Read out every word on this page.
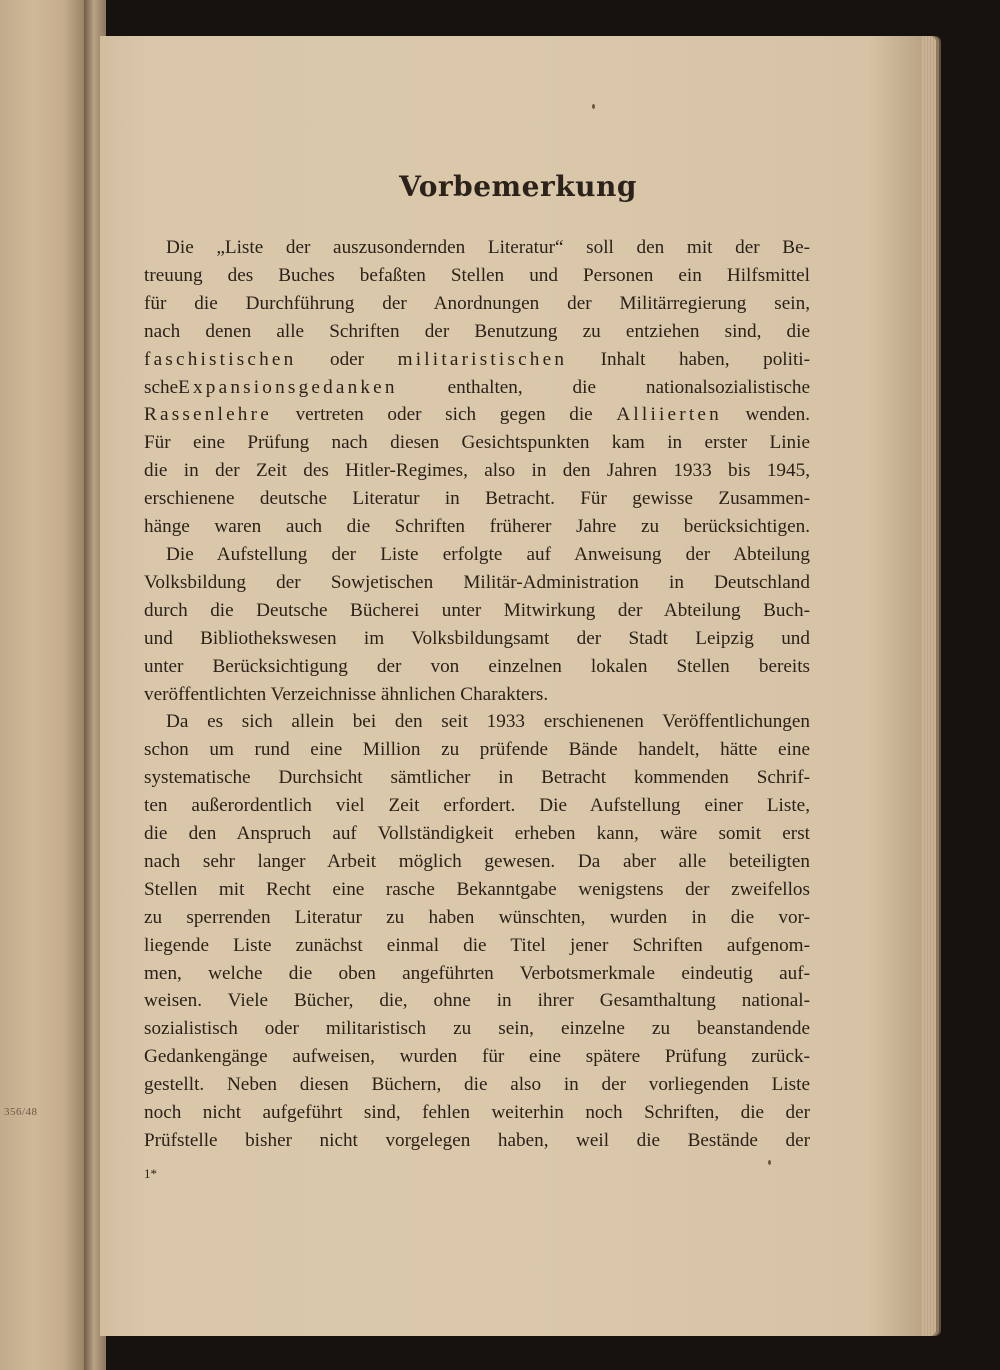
356/48
Vorbemerkung
Die „Liste der auszusondernden Literatur“ soll den mit der Be-
treuung des Buches befaßten Stellen und Personen ein Hilfsmittel
für die Durchführung der Anordnungen der Militärregierung sein,
nach denen alle Schriften der Benutzung zu entziehen sind, die
faschistischen oder militaristischen Inhalt haben, politi-
scheExpansionsgedanken enthalten, die nationalsozialistische
Rassenlehre vertreten oder sich gegen die Alliierten wenden.
Für eine Prüfung nach diesen Gesichtspunkten kam in erster Linie
die in der Zeit des Hitler-Regimes, also in den Jahren 1933 bis 1945,
erschienene deutsche Literatur in Betracht. Für gewisse Zusammen-
hänge waren auch die Schriften früherer Jahre zu berücksichtigen.
Die Aufstellung der Liste erfolgte auf Anweisung der Abteilung
Volksbildung der Sowjetischen Militär-Administration in Deutschland
durch die Deutsche Bücherei unter Mitwirkung der Abteilung Buch-
und Bibliothekswesen im Volksbildungsamt der Stadt Leipzig und
unter Berücksichtigung der von einzelnen lokalen Stellen bereits
veröffentlichten Verzeichnisse ähnlichen Charakters.
Da es sich allein bei den seit 1933 erschienenen Veröffentlichungen
schon um rund eine Million zu prüfende Bände handelt, hätte eine
systematische Durchsicht sämtlicher in Betracht kommenden Schrif-
ten außerordentlich viel Zeit erfordert. Die Aufstellung einer Liste,
die den Anspruch auf Vollständigkeit erheben kann, wäre somit erst
nach sehr langer Arbeit möglich gewesen. Da aber alle beteiligten
Stellen mit Recht eine rasche Bekanntgabe wenigstens der zweifellos
zu sperrenden Literatur zu haben wünschten, wurden in die vor-
liegende Liste zunächst einmal die Titel jener Schriften aufgenom-
men, welche die oben angeführten Verbotsmerkmale eindeutig auf-
weisen. Viele Bücher, die, ohne in ihrer Gesamthaltung national-
sozialistisch oder militaristisch zu sein, einzelne zu beanstandende
Gedankengänge aufweisen, wurden für eine spätere Prüfung zurück-
gestellt. Neben diesen Büchern, die also in der vorliegenden Liste
noch nicht aufgeführt sind, fehlen weiterhin noch Schriften, die der
Prüfstelle bisher nicht vorgelegen haben, weil die Bestände der
1*
